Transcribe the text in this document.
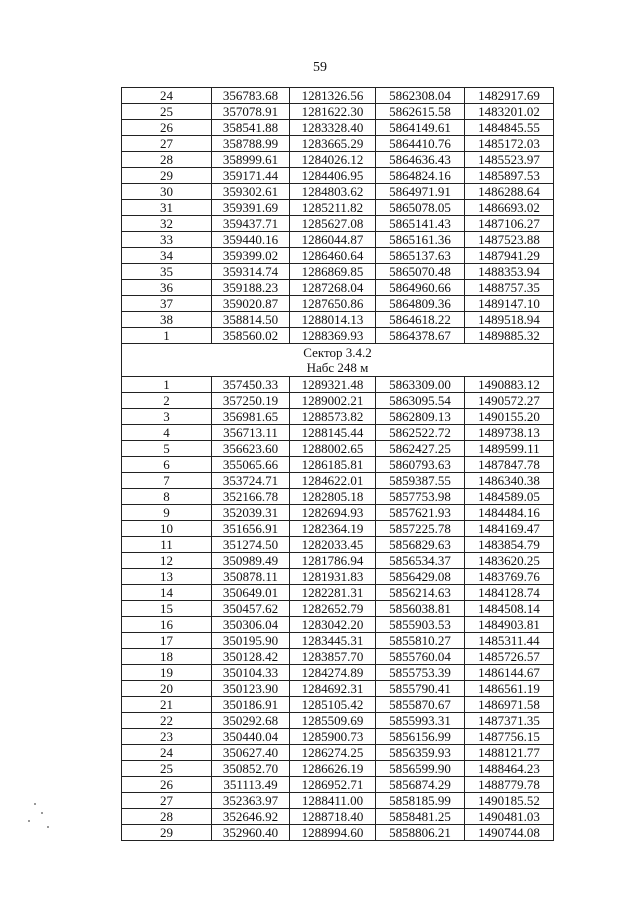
59
24	356783.68	1281326.56	5862308.04	1482917.69
25	357078.91	1281622.30	5862615.58	1483201.02
26	358541.88	1283328.40	5864149.61	1484845.55
27	358788.99	1283665.29	5864410.76	1485172.03
28	358999.61	1284026.12	5864636.43	1485523.97
29	359171.44	1284406.95	5864824.16	1485897.53
30	359302.61	1284803.62	5864971.91	1486288.64
31	359391.69	1285211.82	5865078.05	1486693.02
32	359437.71	1285627.08	5865141.43	1487106.27
33	359440.16	1286044.87	5865161.36	1487523.88
34	359399.02	1286460.64	5865137.63	1487941.29
35	359314.74	1286869.85	5865070.48	1488353.94
36	359188.23	1287268.04	5864960.66	1488757.35
37	359020.87	1287650.86	5864809.36	1489147.10
38	358814.50	1288014.13	5864618.22	1489518.94
1	358560.02	1288369.93	5864378.67	1489885.32

Сектор 3.4.2
Набс 248 м				

1	357450.33	1289321.48	5863309.00	1490883.12
2	357250.19	1289002.21	5863095.54	1490572.27
3	356981.65	1288573.82	5862809.13	1490155.20
4	356713.11	1288145.44	5862522.72	1489738.13
5	356623.60	1288002.65	5862427.25	1489599.11
6	355065.66	1286185.81	5860793.63	1487847.78
7	353724.71	1284622.01	5859387.55	1486340.38
8	352166.78	1282805.18	5857753.98	1484589.05
9	352039.31	1282694.93	5857621.93	1484484.16
10	351656.91	1282364.19	5857225.78	1484169.47
11	351274.50	1282033.45	5856829.63	1483854.79
12	350989.49	1281786.94	5856534.37	1483620.25
13	350878.11	1281931.83	5856429.08	1483769.76
14	350649.01	1282281.31	5856214.63	1484128.74
15	350457.62	1282652.79	5856038.81	1484508.14
16	350306.04	1283042.20	5855903.53	1484903.81
17	350195.90	1283445.31	5855810.27	1485311.44
18	350128.42	1283857.70	5855760.04	1485726.57
19	350104.33	1284274.89	5855753.39	1486144.67
20	350123.90	1284692.31	5855790.41	1486561.19
21	350186.91	1285105.42	5855870.67	1486971.58
22	350292.68	1285509.69	5855993.31	1487371.35
23	350440.04	1285900.73	5856156.99	1487756.15
24	350627.40	1286274.25	5856359.93	1488121.77
25	350852.70	1286626.19	5856599.90	1488464.23
26	351113.49	1286952.71	5856874.29	1488779.78
27	352363.97	1288411.00	5858185.99	1490185.52
28	352646.92	1288718.40	5858481.25	1490481.03
29	352960.40	1288994.60	5858806.21	1490744.08
